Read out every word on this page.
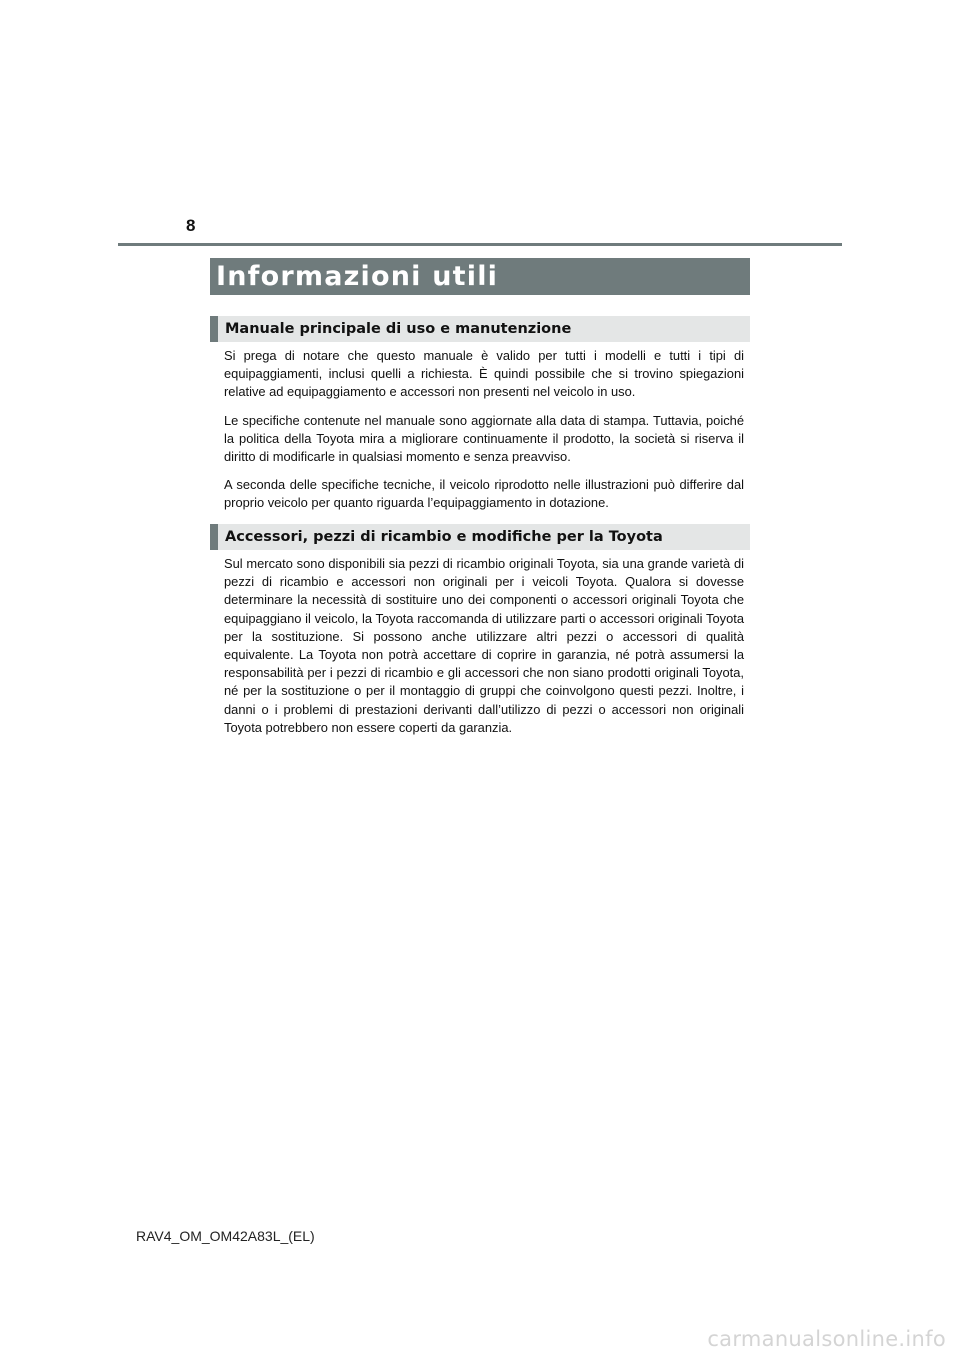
8
Informazioni utili
Manuale principale di uso e manutenzione

Si prega di notare che questo manuale è valido per tutti i modelli e tutti i tipi di equipaggiamenti, inclusi quelli a richiesta. È quindi possibile che si trovino spiegazioni relative ad equipaggiamento e accessori non presenti nel veicolo in uso.

Le specifiche contenute nel manuale sono aggiornate alla data di stampa. Tuttavia, poiché la politica della Toyota mira a migliorare continuamente il prodotto, la società si riserva il diritto di modificarle in qualsiasi momento e senza preavviso.

A seconda delle specifiche tecniche, il veicolo riprodotto nelle illustrazioni può differire dal proprio veicolo per quanto riguarda l’equipaggiamento in dotazione.

Accessori, pezzi di ricambio e modifiche per la Toyota

Sul mercato sono disponibili sia pezzi di ricambio originali Toyota, sia una grande varietà di pezzi di ricambio e accessori non originali per i veicoli Toyota. Qualora si dovesse determinare la necessità di sostituire uno dei componenti o accessori originali Toyota che equipaggiano il veicolo, la Toyota raccomanda di utilizzare parti o accessori originali Toyota per la sostituzione. Si possono anche utilizzare altri pezzi o accessori di qualità equivalente. La Toyota non potrà accettare di coprire in garanzia, né potrà assumersi la responsabilità per i pezzi di ricambio e gli accessori che non siano prodotti originali Toyota, né per la sostituzione o per il montaggio di gruppi che coinvolgono questi pezzi. Inoltre, i danni o i problemi di prestazioni derivanti dall’utilizzo di pezzi o accessori non originali Toyota potrebbero non essere coperti da garanzia.

RAV4_OM_OM42A83L_(EL)
carmanualsonline.info
